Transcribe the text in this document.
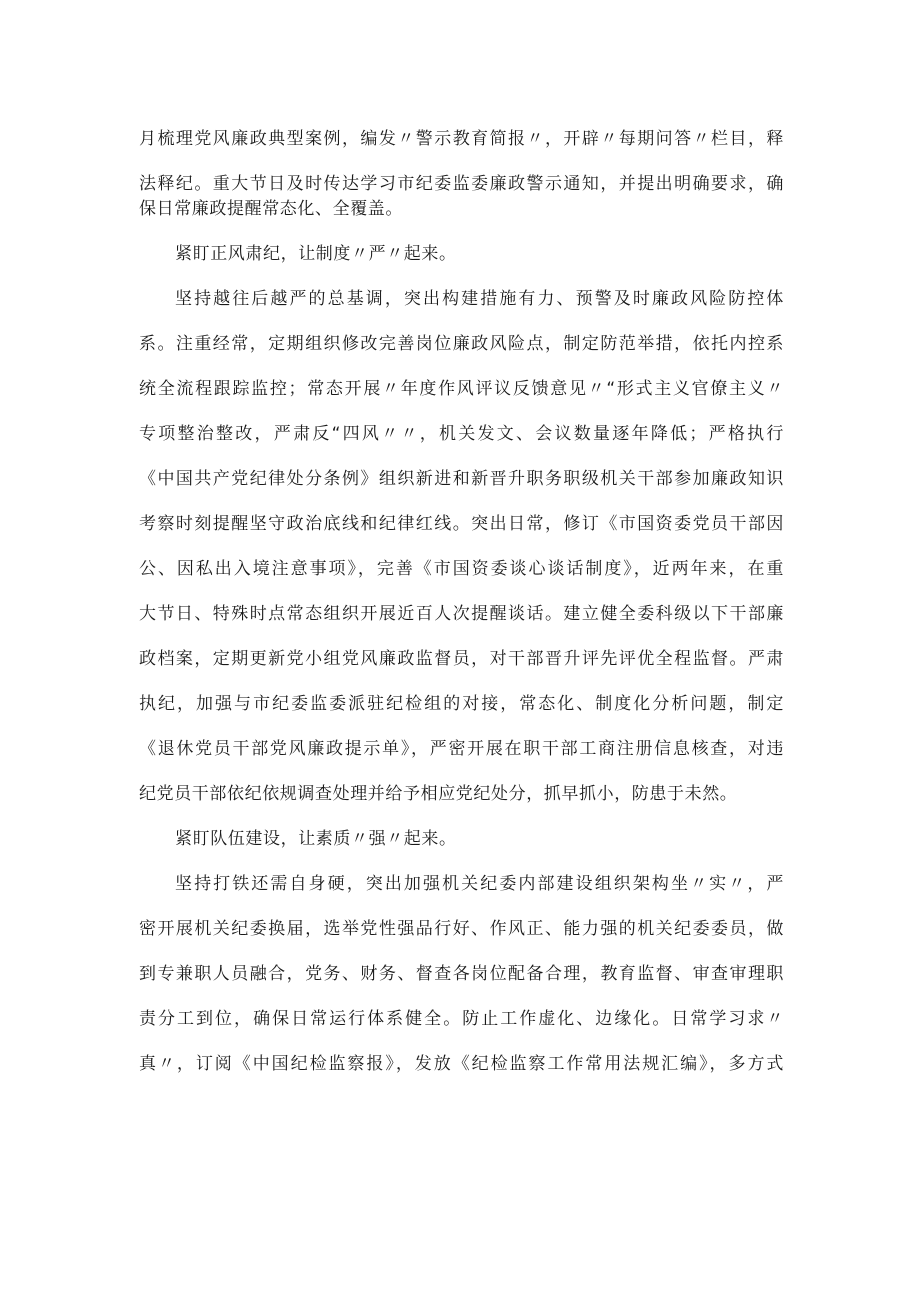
月梳理党风廉政典型案例，编发〃警示教育简报〃，开辟〃每期问答〃栏目，释
法释纪。重大节日及时传达学习市纪委监委廉政警示通知，并提出明确要求，确
保日常廉政提醒常态化、全覆盖。
紧盯正风肃纪，让制度〃严〃起来。
坚持越往后越严的总基调，突出构建措施有力、预警及时廉政风险防控体
系。注重经常，定期组织修改完善岗位廉政风险点，制定防范举措，依托内控系
统全流程跟踪监控；常态开展〃年度作风评议反馈意见〃“形式主义官僚主义〃
专项整治整改，严肃反“四风〃〃，机关发文、会议数量逐年降低；严格执行
《中国共产党纪律处分条例》组织新进和新晋升职务职级机关干部参加廉政知识
考察时刻提醒坚守政治底线和纪律红线。突出日常，修订《市国资委党员干部因
公、因私出入境注意事项》，完善《市国资委谈心谈话制度》，近两年来，在重
大节日、特殊时点常态组织开展近百人次提醒谈话。建立健全委科级以下干部廉
政档案，定期更新党小组党风廉政监督员，对干部晋升评先评优全程监督。严肃
执纪，加强与市纪委监委派驻纪检组的对接，常态化、制度化分析问题，制定
《退休党员干部党风廉政提示单》，严密开展在职干部工商注册信息核查，对违
纪党员干部依纪依规调查处理并给予相应党纪处分，抓早抓小，防患于未然。
紧盯队伍建设，让素质〃强〃起来。
坚持打铁还需自身硬，突出加强机关纪委内部建设组织架构坐〃实〃，严
密开展机关纪委换届，选举党性强品行好、作风正、能力强的机关纪委委员，做
到专兼职人员融合，党务、财务、督查各岗位配备合理，教育监督、审查审理职
责分工到位，确保日常运行体系健全。防止工作虚化、边缘化。日常学习求〃
真〃，订阅《中国纪检监察报》，发放《纪检监察工作常用法规汇编》，多方式
